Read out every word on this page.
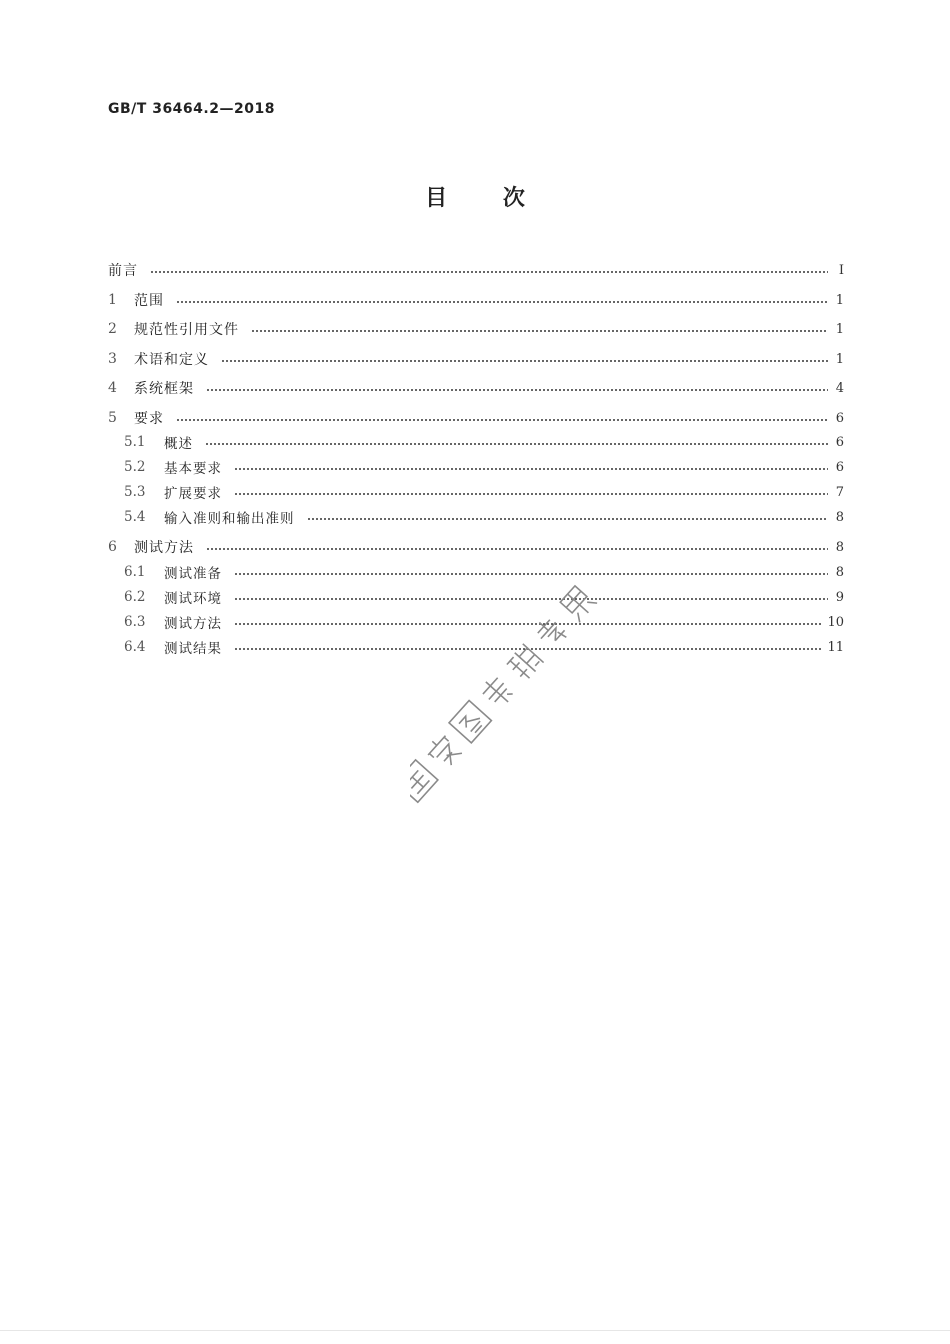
GB/T 36464.2—2018
目	次
前言	Ⅰ
1	范围	1
2	规范性引用文件	1
3	术语和定义	1
4	系统框架	4
5	要求	6
5.1	概述	6
5.2	基本要求	6
5.3	扩展要求	7
5.4	输入准则和输出准则	8
6	测试方法	8
6.1	测试准备	8
6.2	测试环境	9
6.3	测试方法	10
6.4	测试结果	11
